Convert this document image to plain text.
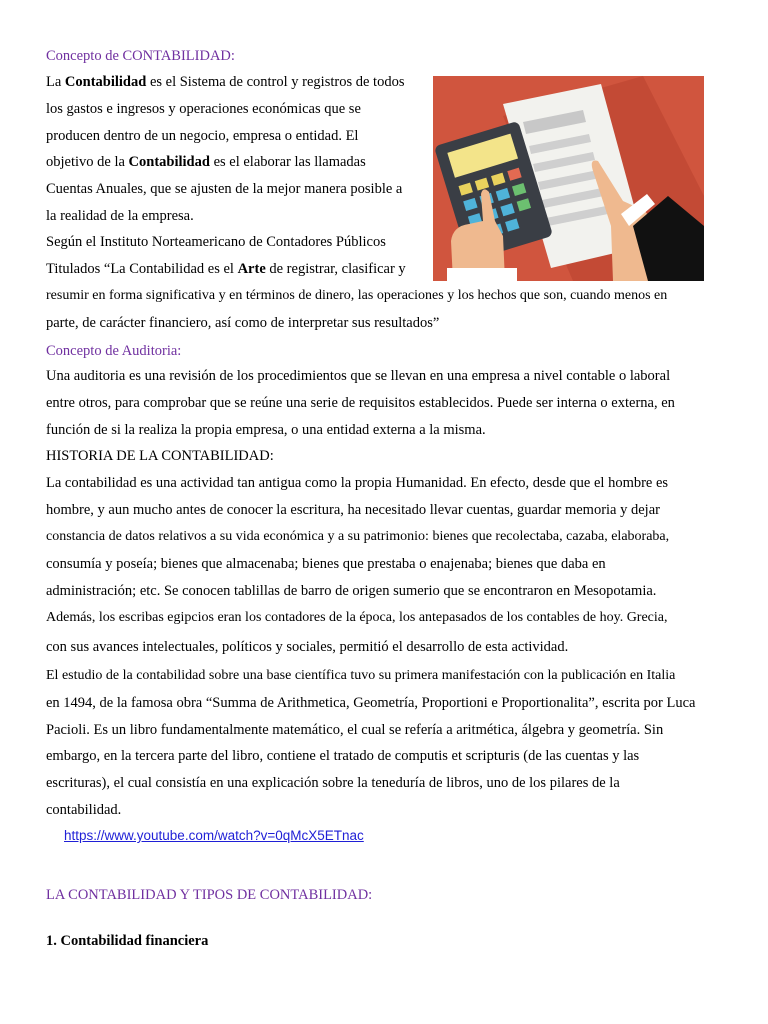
Concepto de CONTABILIDAD:
La Contabilidad es el Sistema de control y registros de todos
los gastos e ingresos y operaciones económicas que se
producen dentro de un negocio, empresa o entidad. El
objetivo de la Contabilidad es el elaborar las llamadas
Cuentas Anuales, que se ajusten de la mejor manera posible a
la realidad de la empresa.
Según el Instituto Norteamericano de Contadores Públicos
Titulados “La Contabilidad es el Arte de registrar, clasificar y
resumir en forma significativa y en términos de dinero, las operaciones y los hechos que son, cuando menos en
parte, de carácter financiero, así como de interpretar sus resultados”
Concepto de Auditoria:
Una auditoria es una revisión de los procedimientos que se llevan en una empresa a nivel contable o laboral
entre otros, para comprobar que se reúne una serie de requisitos establecidos. Puede ser interna o externa, en
función de si la realiza la propia empresa, o una entidad externa a la misma.
HISTORIA DE LA CONTABILIDAD:
La contabilidad es una actividad tan antigua como la propia Humanidad. En efecto, desde que el hombre es
hombre, y aun mucho antes de conocer la escritura, ha necesitado llevar cuentas, guardar memoria y dejar
constancia de datos relativos a su vida económica y a su patrimonio: bienes que recolectaba, cazaba, elaboraba,
consumía y poseía; bienes que almacenaba; bienes que prestaba o enajenaba; bienes que daba en
administración; etc. Se conocen tablillas de barro de origen sumerio que se encontraron en Mesopotamia.
Además, los escribas egipcios eran los contadores de la época, los antepasados de los contables de hoy. Grecia,
con sus avances intelectuales, políticos y sociales, permitió el desarrollo de esta actividad.
El estudio de la contabilidad sobre una base científica tuvo su primera manifestación con la publicación en Italia
en 1494, de la famosa obra “Summa de Arithmetica, Geometría, Proportioni e Proportionalita”, escrita por Luca
Pacioli. Es un libro fundamentalmente matemático, el cual se refería a aritmética, álgebra y geometría. Sin
embargo, en la tercera parte del libro, contiene el tratado de computis et scripturis (de las cuentas y las
escrituras), el cual consistía en una explicación sobre la teneduría de libros, uno de los pilares de la
contabilidad.
https://www.youtube.com/watch?v=0qMcX5ETnac
LA CONTABILIDAD Y TIPOS DE CONTABILIDAD:
1. Contabilidad financiera
